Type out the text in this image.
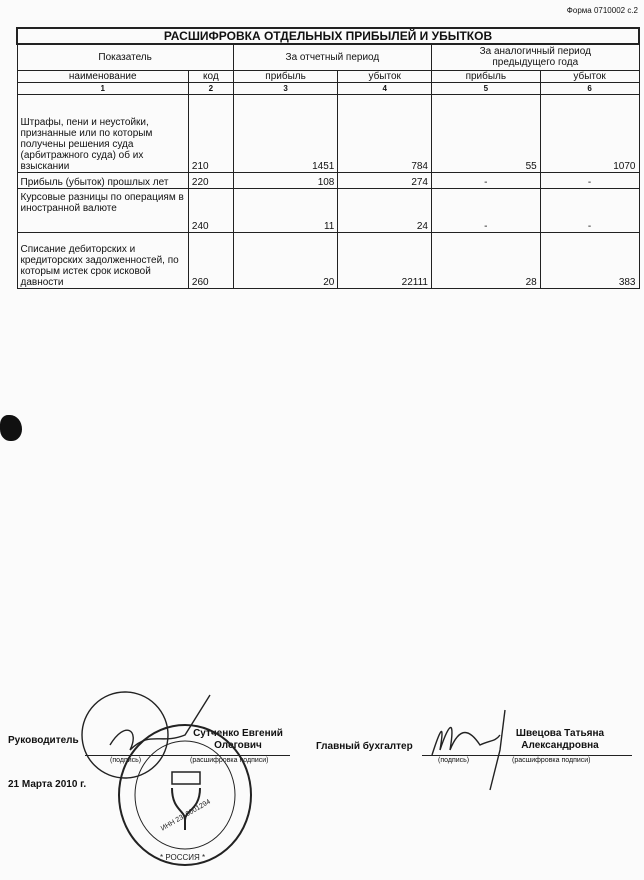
Форма 0710002 с.2
РАСШИФРОВКА ОТДЕЛЬНЫХ ПРИБЫЛЕЙ И УБЫТКОВ					
Показатель		За отчетный период		За аналогичный период предыдущего года	
наименование	код	прибыль	убыток	прибыль	убыток
1	2	3	4	5	6
Штрафы, пени и неустойки, признанные или по которым получены решения суда (арбитражного суда) об их взыскании	210	1451	784	55	1070
Прибыль (убыток) прошлых лет	220	108	274	-	-
Курсовые разницы по операциям в иностранной валюте	240	11	24	-	-
Списание дебиторских и кредиторских задолженностей, по которым истек срок исковой давности	260	20	22111	28	383
Руководитель
Сутченко Евгений Олегович
(подпись)	(расшифровка подписи)
Главный бухгалтер
Швецова Татьяна Александровна
(подпись)	(расшифровка подписи)
21 Марта 2010 г.
* РОССИЯ *
ИНН 2310001294
